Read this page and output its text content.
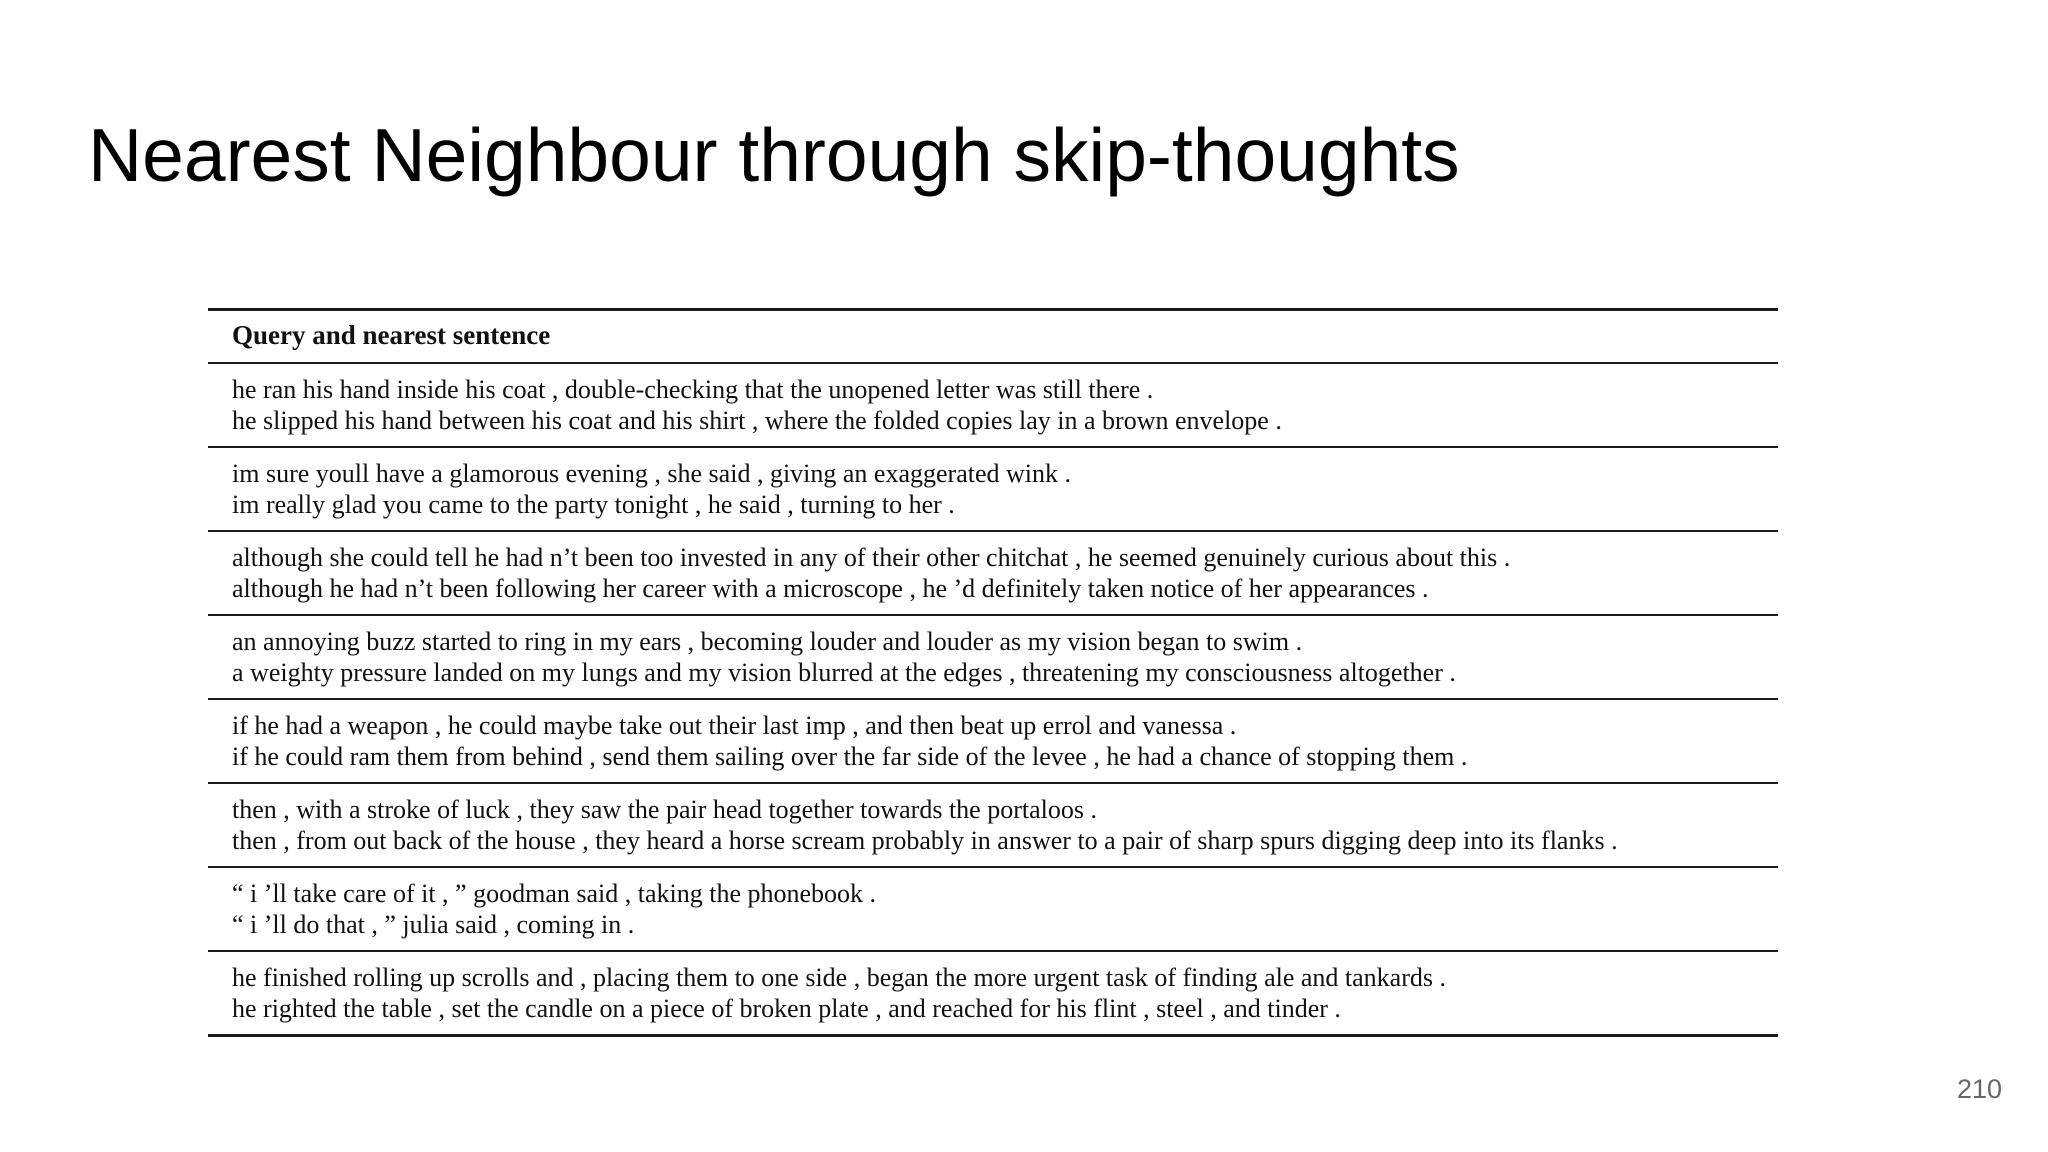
Nearest Neighbour through skip-thoughts
Query and nearest sentence

he ran his hand inside his coat , double-checking that the unopened letter was still there .
he slipped his hand between his coat and his shirt , where the folded copies lay in a brown envelope .

im sure youll have a glamorous evening , she said , giving an exaggerated wink .
im really glad you came to the party tonight , he said , turning to her .

although she could tell he had n’t been too invested in any of their other chitchat , he seemed genuinely curious about this .
although he had n’t been following her career with a microscope , he ’d definitely taken notice of her appearances .

an annoying buzz started to ring in my ears , becoming louder and louder as my vision began to swim .
a weighty pressure landed on my lungs and my vision blurred at the edges , threatening my consciousness altogether .

if he had a weapon , he could maybe take out their last imp , and then beat up errol and vanessa .
if he could ram them from behind , send them sailing over the far side of the levee , he had a chance of stopping them .

then , with a stroke of luck , they saw the pair head together towards the portaloos .
then , from out back of the house , they heard a horse scream probably in answer to a pair of sharp spurs digging deep into its flanks .

“ i ’ll take care of it , ” goodman said , taking the phonebook .
“ i ’ll do that , ” julia said , coming in .

he finished rolling up scrolls and , placing them to one side , began the more urgent task of finding ale and tankards .
he righted the table , set the candle on a piece of broken plate , and reached for his flint , steel , and tinder .
210
